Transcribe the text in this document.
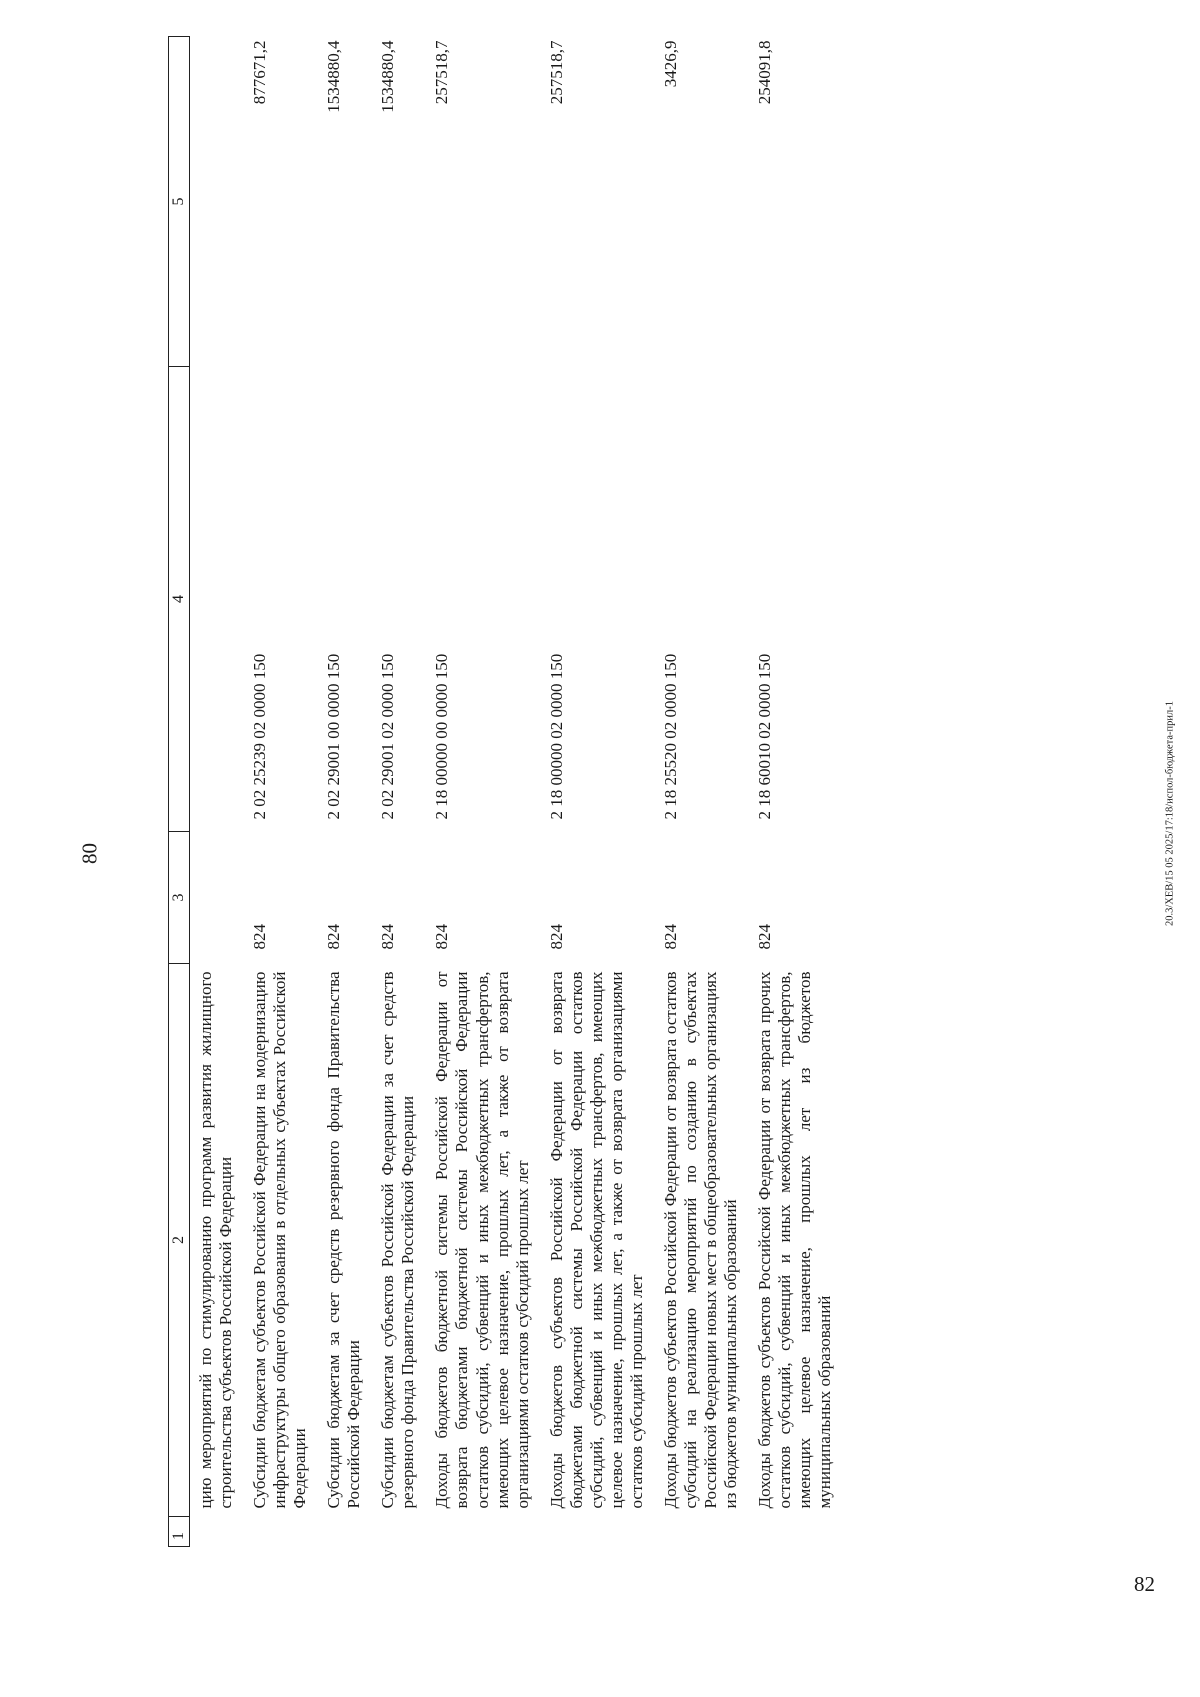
82
80	20.3/ХЕВ/15 05 2025/17:18/испол-бюджета-прил-1
1	2	3	4	5
	цию мероприятий по стимулированию программ развития жилищного строительства субъектов Российской Федерации			
	Субсидии бюджетам субъектов Российской Федерации на модернизацию инфраструктуры общего образования в отдельных субъектах Российской Федерации	824	2 02 25239 02 0000 150	877671,2
	Субсидии бюджетам за счет средств резервного фонда Правительства Российской Федерации	824	2 02 29001 00 0000 150	1534880,4
	Субсидии бюджетам субъектов Российской Федерации за счет средств резервного фонда Правительства Российской Федерации	824	2 02 29001 02 0000 150	1534880,4
	Доходы бюджетов бюджетной системы Российской Федерации от возврата бюджетами бюджетной системы Российской Федерации остатков субсидий, субвенций и иных межбюджетных трансфертов, имеющих целевое назначение, прошлых лет, а также от возврата организациями остатков субсидий прошлых лет	824	2 18 00000 00 0000 150	257518,7
	Доходы бюджетов субъектов Российской Федерации от возврата бюджетами бюджетной системы Российской Федерации остатков субсидий, субвенций и иных межбюджетных трансфертов, имеющих целевое назначение, прошлых лет, а также от возврата организациями остатков субсидий прошлых лет	824	2 18 00000 02 0000 150	257518,7
	Доходы бюджетов субъектов Российской Федерации от возврата остатков субсидий на реализацию мероприятий по созданию в субъектах Российской Федерации новых мест в общеобразовательных организациях из бюджетов муниципальных образований	824	2 18 25520 02 0000 150	3426,9
	Доходы бюджетов субъектов Российской Федерации от возврата прочих остатков субсидий, субвенций и иных межбюджетных трансфертов, имеющих целевое назначение, прошлых лет из бюджетов муниципальных образований	824	2 18 60010 02 0000 150	254091,8
